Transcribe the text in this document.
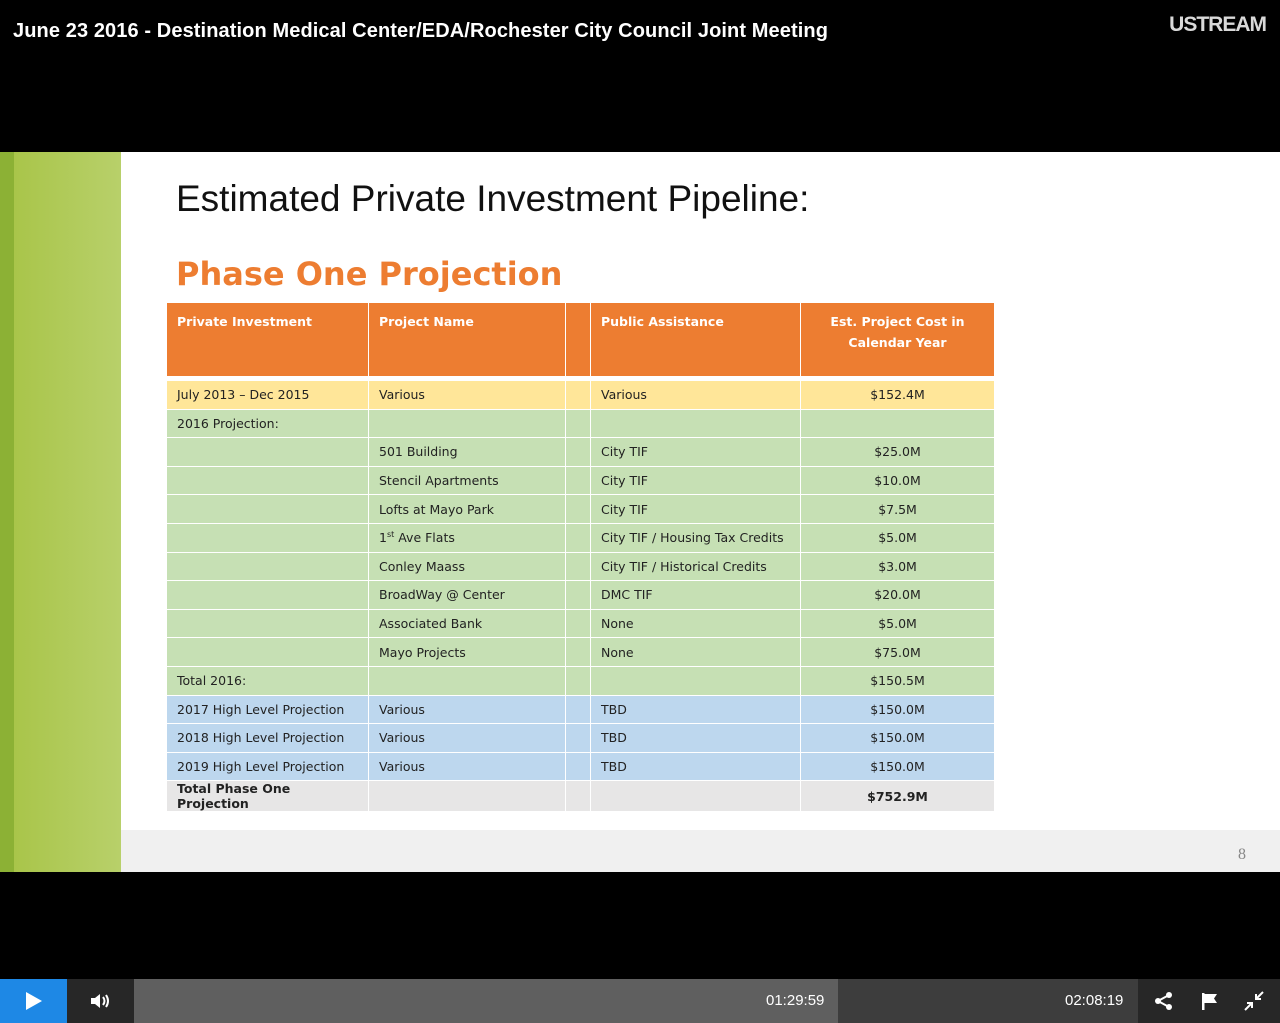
June 23 2016 - Destination Medical Center/EDA/Rochester City Council Joint Meeting	USTREAM
Estimated Private Investment Pipeline:
Phase One Projection
Private Investment	Project Name		Public Assistance	Est. Project Cost in
Calendar Year

July 2013 – Dec 2015	Various		Various	$152.4M
2016 Projection:				
	501 Building		City TIF	$25.0M
	Stencil Apartments		City TIF	$10.0M
	Lofts at Mayo Park		City TIF	$7.5M
	1st Ave Flats		City TIF / Housing Tax Credits	$5.0M
	Conley Maass		City TIF / Historical Credits	$3.0M
	BroadWay @ Center		DMC TIF	$20.0M
	Associated Bank		None	$5.0M
	Mayo Projects		None	$75.0M
Total 2016:				$150.5M
2017 High Level Projection	Various		TBD	$150.0M
2018 High Level Projection	Various		TBD	$150.0M
2019 High Level Projection	Various		TBD	$150.0M
Total Phase One Projection				$752.9M
8
01:29:59	02:08:19
